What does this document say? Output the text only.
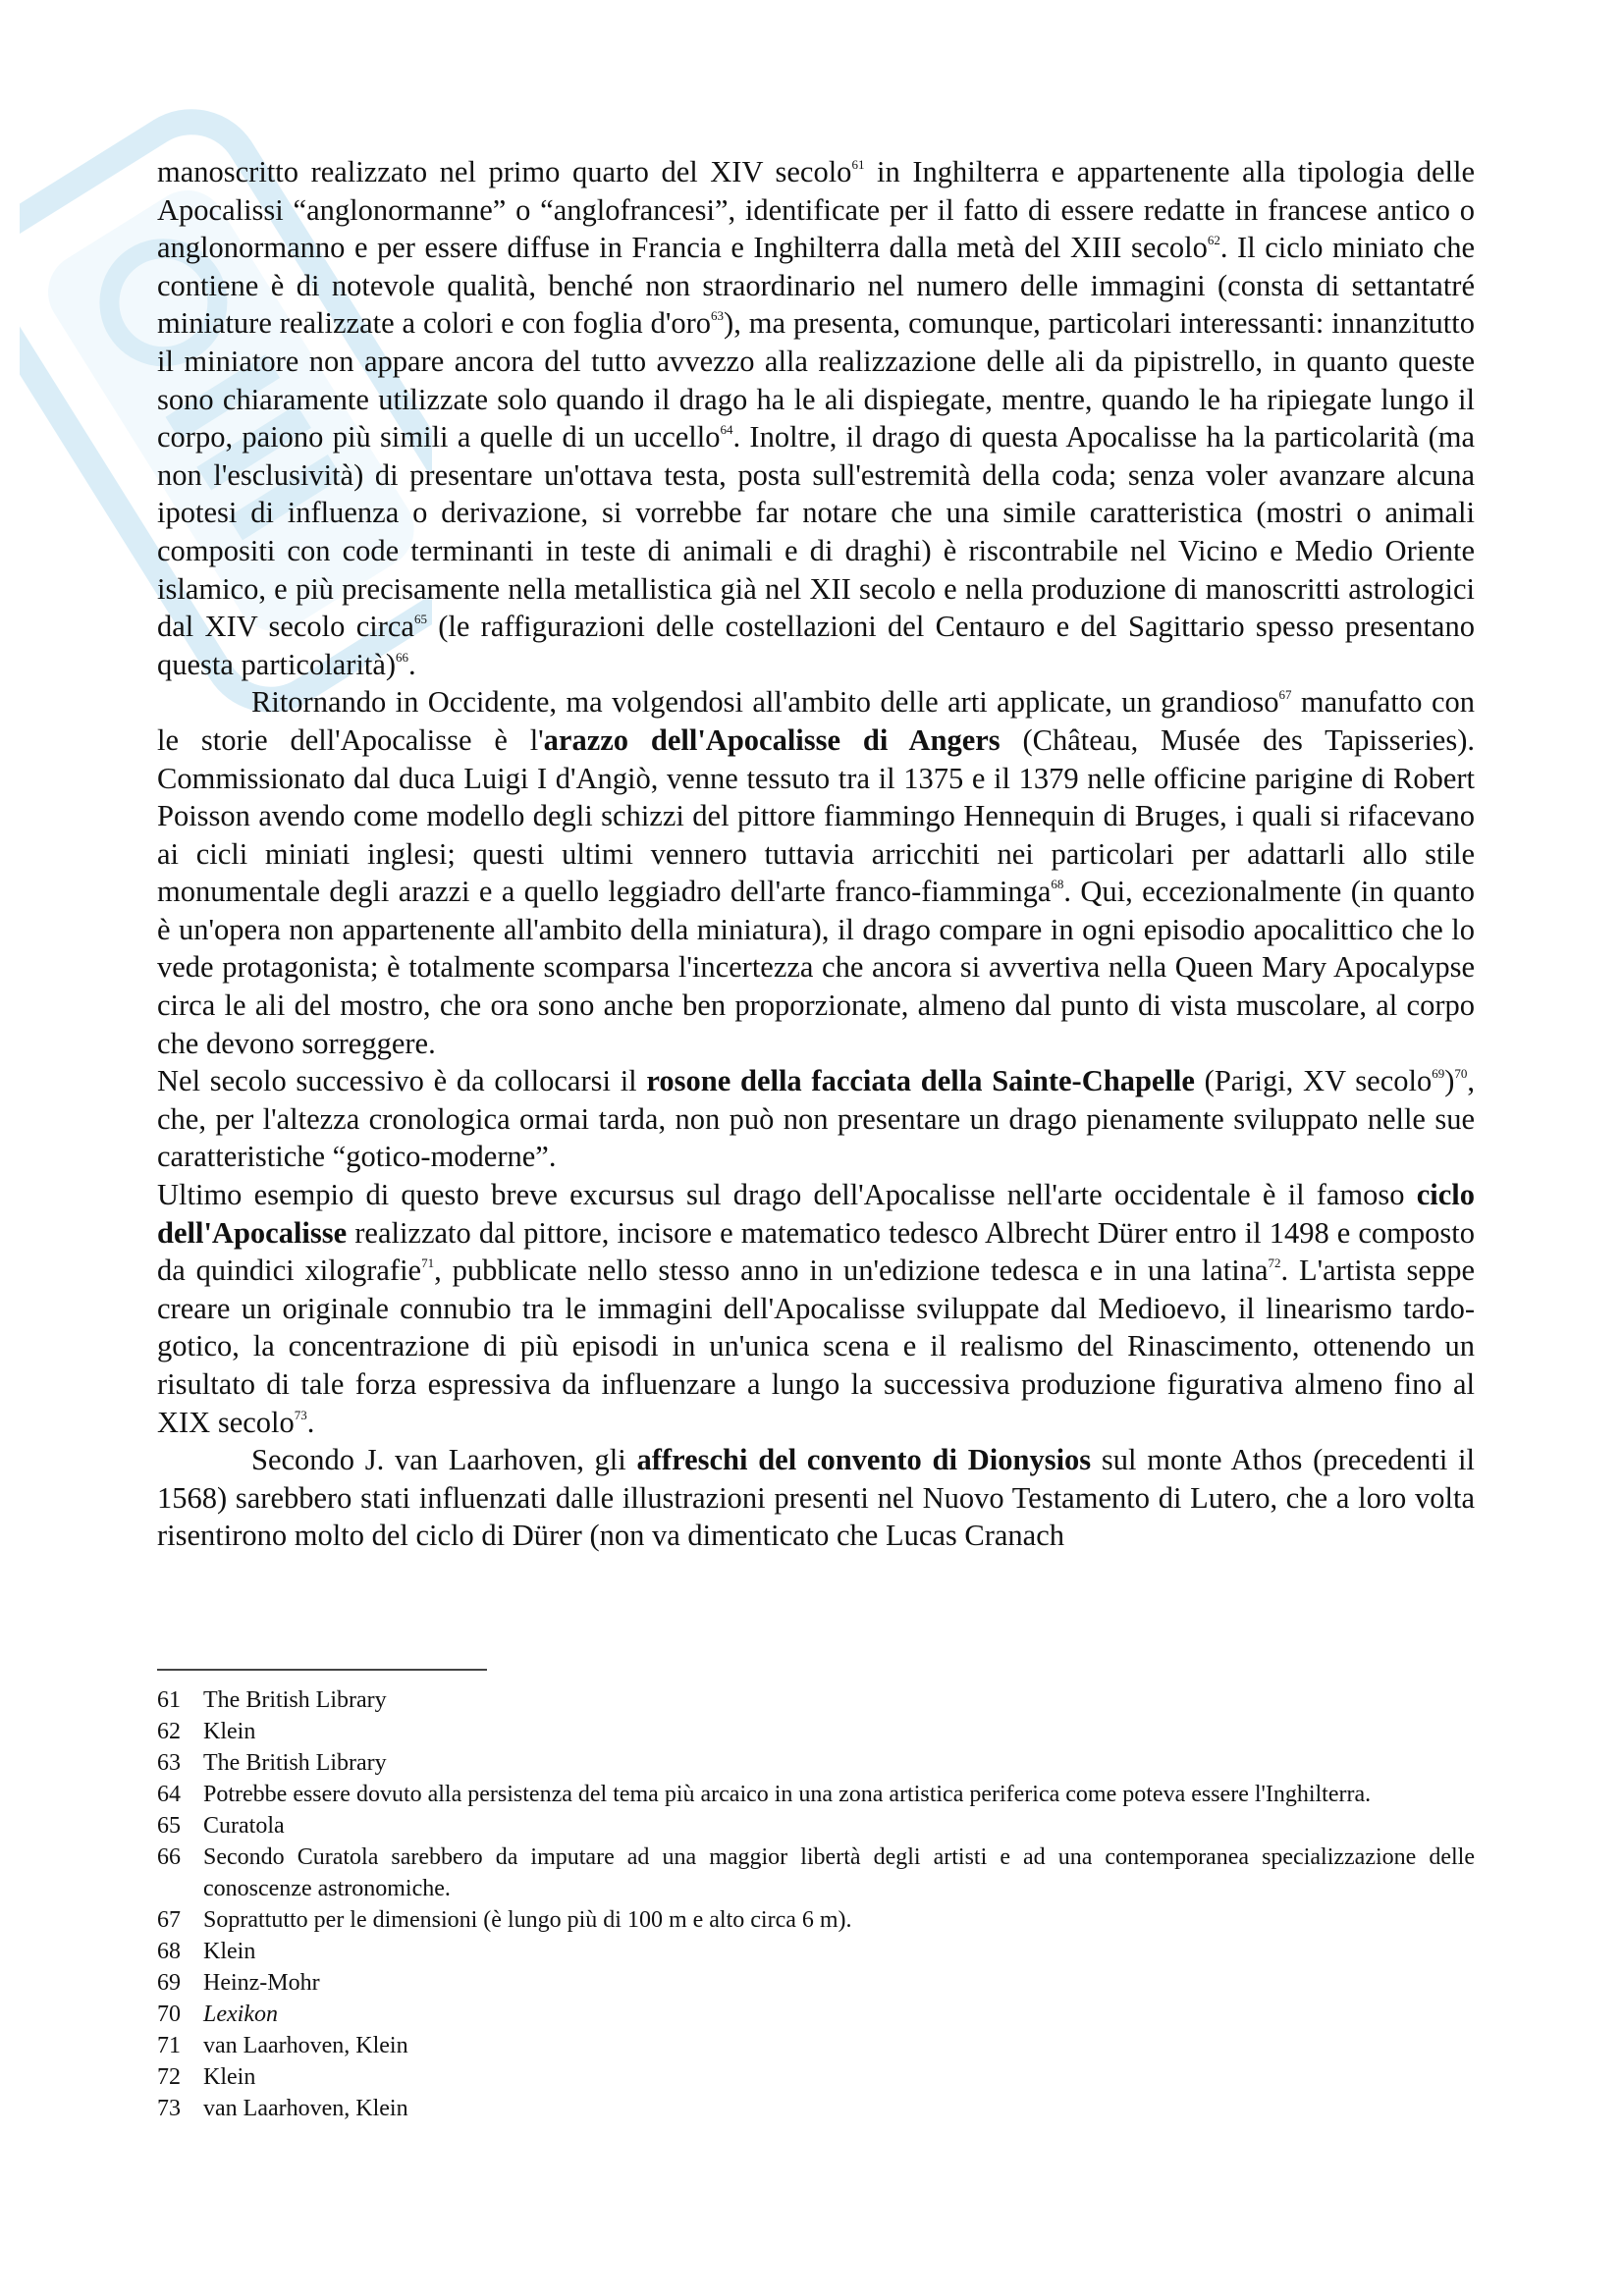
manoscritto realizzato nel primo quarto del XIV secolo$^{61}$ in Inghilterra e appartenente alla tipologia delle Apocalissi “anglonormanne” o “anglofrancesi”, identificate per il fatto di essere redatte in francese antico o anglonormanno e per essere diffuse in Francia e Inghilterra dalla metà del XIII secolo$^{62}$. Il ciclo miniato che contiene è di notevole qualità, benché non straordinario nel numero delle immagini (consta di settantatré miniature realizzate a colori e con foglia d'oro$^{63}$), ma presenta, comunque, particolari interessanti: innanzitutto il miniatore non appare ancora del tutto avvezzo alla realizzazione delle ali da pipistrello, in quanto queste sono chiaramente utilizzate solo quando il drago ha le ali dispiegate, mentre, quando le ha ripiegate lungo il corpo, paiono più simili a quelle di un uccello$^{64}$. Inoltre, il drago di questa Apocalisse ha la particolarità (ma non l'esclusività) di presentare un'ottava testa, posta sull'estremità della coda; senza voler avanzare alcuna ipotesi di influenza o derivazione, si vorrebbe far notare che una simile caratteristica (mostri o animali compositi con code terminanti in teste di animali e di draghi) è riscontrabile nel Vicino e Medio Oriente islamico, e più precisamente nella metallistica già nel XII secolo e nella produzione di manoscritti astrologici dal XIV secolo circa$^{65}$ (le raffigurazioni delle costellazioni del Centauro e del Sagittario spesso presentano questa particolarità)$^{66}$.

Ritornando in Occidente, ma volgendosi all'ambito delle arti applicate, un grandioso$^{67}$ manufatto con le storie dell'Apocalisse è l'arazzo dell'Apocalisse di Angers (Château, Musée des Tapisseries). Commissionato dal duca Luigi I d'Angiò, venne tessuto tra il 1375 e il 1379 nelle officine parigine di Robert Poisson avendo come modello degli schizzi del pittore fiammingo Hennequin di Bruges, i quali si rifacevano ai cicli miniati inglesi; questi ultimi vennero tuttavia arricchiti nei particolari per adattarli allo stile monumentale degli arazzi e a quello leggiadro dell'arte franco-fiamminga$^{68}$. Qui, eccezionalmente (in quanto è un'opera non appartenente all'ambito della miniatura), il drago compare in ogni episodio apocalittico che lo vede protagonista; è totalmente scomparsa l'incertezza che ancora si avvertiva nella Queen Mary Apocalypse circa le ali del mostro, che ora sono anche ben proporzionate, almeno dal punto di vista muscolare, al corpo che devono sorreggere.

Nel secolo successivo è da collocarsi il rosone della facciata della Sainte-Chapelle (Parigi, XV secolo$^{69}$)$^{70}$, che, per l'altezza cronologica ormai tarda, non può non presentare un drago pienamente sviluppato nelle sue caratteristiche “gotico-moderne”.

Ultimo esempio di questo breve excursus sul drago dell'Apocalisse nell'arte occidentale è il famoso ciclo dell'Apocalisse realizzato dal pittore, incisore e matematico tedesco Albrecht Dürer entro il 1498 e composto da quindici xilografie$^{71}$, pubblicate nello stesso anno in un'edizione tedesca e in una latina$^{72}$. L'artista seppe creare un originale connubio tra le immagini dell'Apocalisse sviluppate dal Medioevo, il linearismo tardo-gotico, la concentrazione di più episodi in un'unica scena e il realismo del Rinascimento, ottenendo un risultato di tale forza espressiva da influenzare a lungo la successiva produzione figurativa almeno fino al XIX secolo$^{73}$.

Secondo J. van Laarhoven, gli affreschi del convento di Dionysios sul monte Athos (precedenti il 1568) sarebbero stati influenzati dalle illustrazioni presenti nel Nuovo Testamento di Lutero, che a loro volta risentirono molto del ciclo di Dürer (non va dimenticato che Lucas Cranach

61 The British Library
62 Klein
63 The British Library
64 Potrebbe essere dovuto alla persistenza del tema più arcaico in una zona artistica periferica come poteva essere l'Inghilterra.
65 Curatola
66 Secondo Curatola sarebbero da imputare ad una maggior libertà degli artisti e ad una contemporanea specializzazione delle conoscenze astronomiche.
67 Soprattutto per le dimensioni (è lungo più di 100 m e alto circa 6 m).
68 Klein
69 Heinz-Mohr
70 Lexikon
71 van Laarhoven, Klein
72 Klein
73 van Laarhoven, Klein
